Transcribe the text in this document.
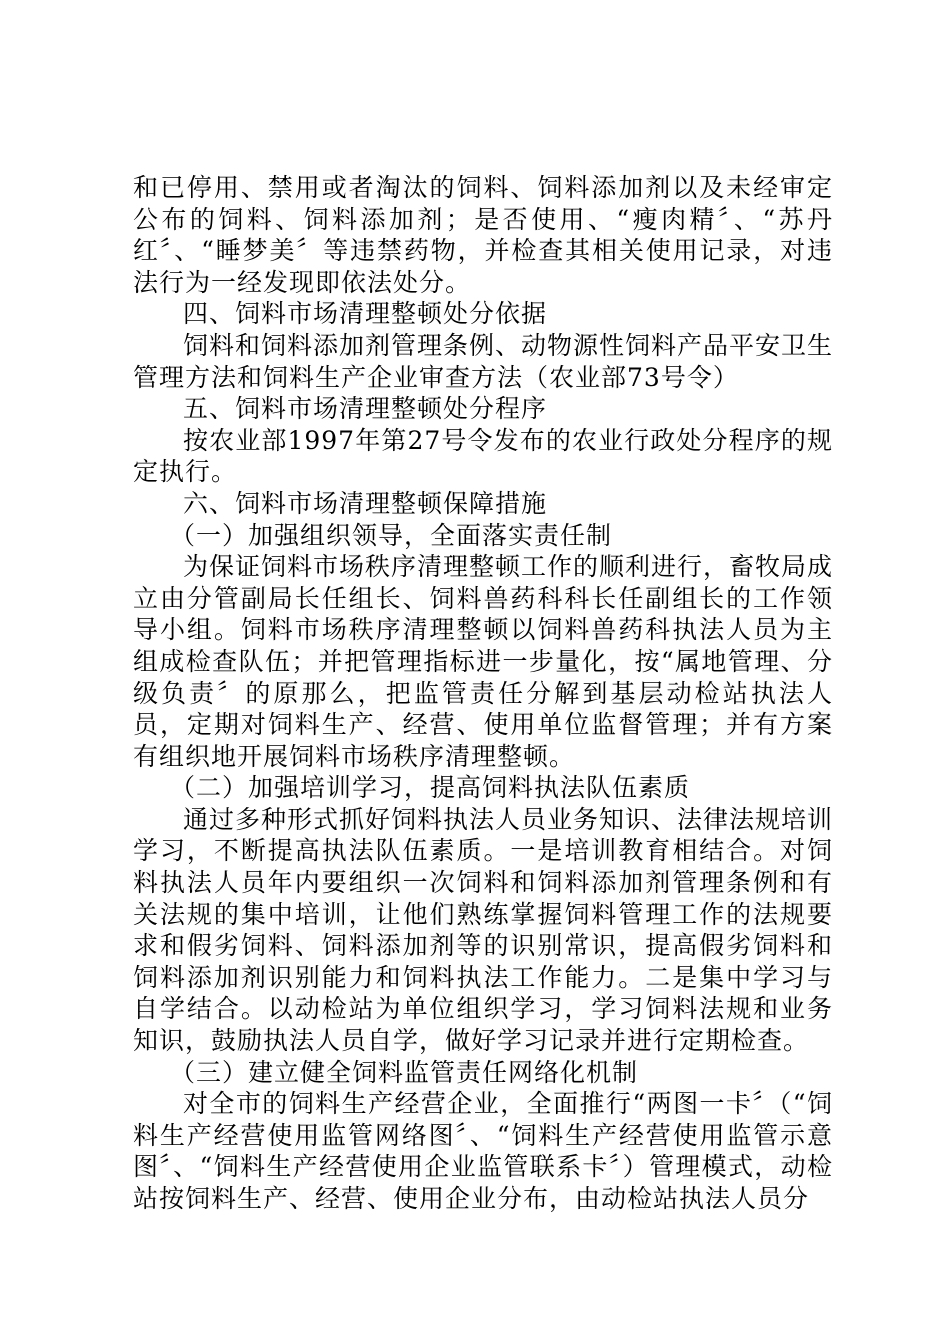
和已停用、禁用或者淘汰的饲料、饲料添加剂以及未经审定公布的饲料、饲料添加剂；是否使用、“瘦肉精〞、“苏丹红〞、“睡梦美〞等违禁药物，并检查其相关使用记录，对违法行为一经发现即依法处分。

四、饲料市场清理整顿处分依据

饲料和饲料添加剂管理条例、动物源性饲料产品平安卫生管理方法和饲料生产企业审查方法（农业部73号令）

五、饲料市场清理整顿处分程序

按农业部1997年第27号令发布的农业行政处分程序的规定执行。

六、饲料市场清理整顿保障措施

（一）加强组织领导，全面落实责任制

为保证饲料市场秩序清理整顿工作的顺利进行，畜牧局成立由分管副局长任组长、饲料兽药科科长任副组长的工作领导小组。饲料市场秩序清理整顿以饲料兽药科执法人员为主组成检查队伍；并把管理指标进一步量化，按“属地管理、分级负责〞的原那么，把监管责任分解到基层动检站执法人员，定期对饲料生产、经营、使用单位监督管理；并有方案有组织地开展饲料市场秩序清理整顿。

（二）加强培训学习，提高饲料执法队伍素质

通过多种形式抓好饲料执法人员业务知识、法律法规培训学习，不断提高执法队伍素质。一是培训教育相结合。对饲料执法人员年内要组织一次饲料和饲料添加剂管理条例和有关法规的集中培训，让他们熟练掌握饲料管理工作的法规要求和假劣饲料、饲料添加剂等的识别常识，提高假劣饲料和饲料添加剂识别能力和饲料执法工作能力。二是集中学习与自学结合。以动检站为单位组织学习，学习饲料法规和业务知识，鼓励执法人员自学，做好学习记录并进行定期检查。

（三）建立健全饲料监管责任网络化机制

对全市的饲料生产经营企业，全面推行“两图一卡〞（“饲料生产经营使用监管网络图〞、“饲料生产经营使用监管示意图〞、“饲料生产经营使用企业监管联系卡〞）管理模式，动检站按饲料生产、经营、使用企业分布，由动检站执法人员分
